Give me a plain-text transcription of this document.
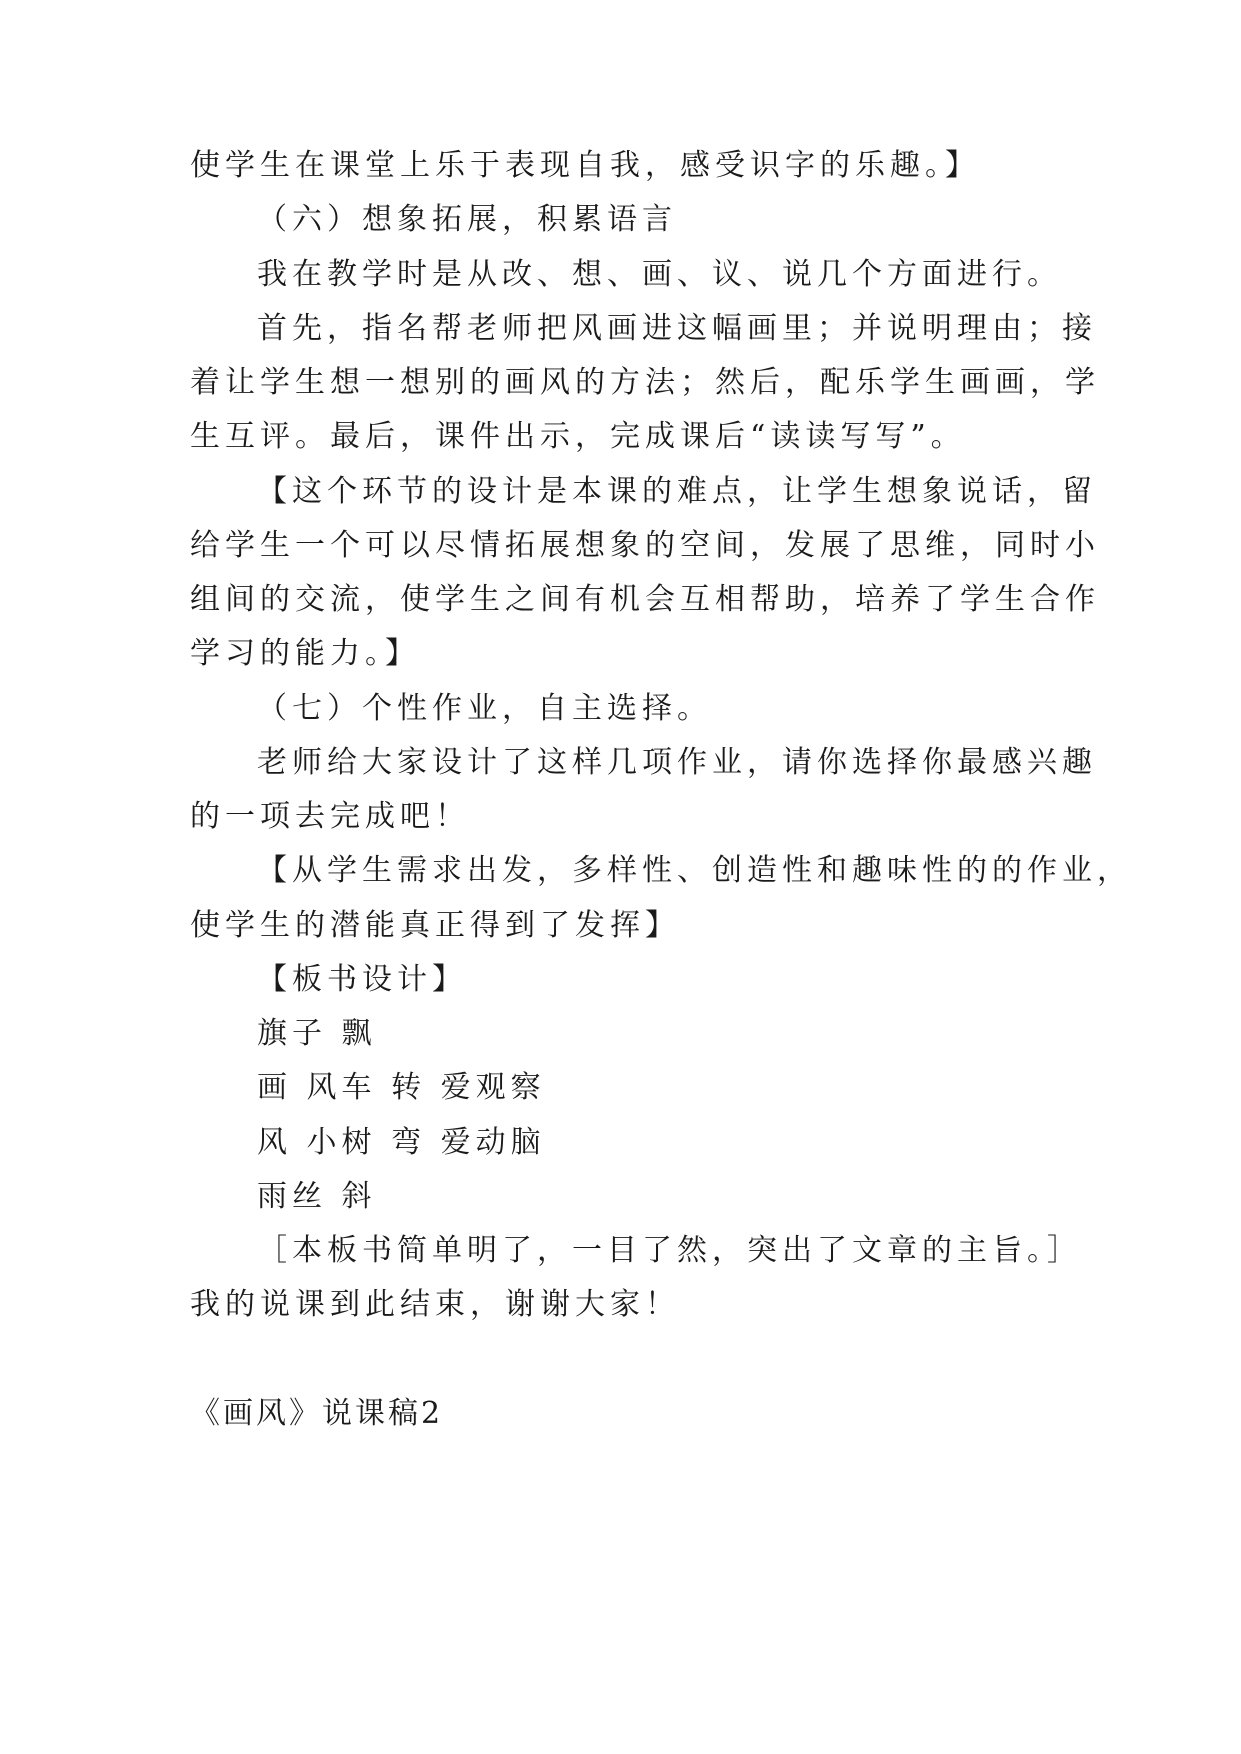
使学生在课堂上乐于表现自我，感受识字的乐趣。】
（六）想象拓展，积累语言
我在教学时是从改、想、画、议、说几个方面进行。
首先，指名帮老师把风画进这幅画里；并说明理由；接
着让学生想一想别的画风的方法；然后，配乐学生画画，学
生互评。最后，课件出示，完成课后“读读写写”。
【这个环节的设计是本课的难点，让学生想象说话，留
给学生一个可以尽情拓展想象的空间，发展了思维，同时小
组间的交流，使学生之间有机会互相帮助，培养了学生合作
学习的能力。】
（七）个性作业，自主选择。
老师给大家设计了这样几项作业，请你选择你最感兴趣
的一项去完成吧！
【从学生需求出发，多样性、创造性和趣味性的的作业，
使学生的潜能真正得到了发挥】
【板书设计】
旗子 飘
画 风车 转 爱观察
风 小树 弯 爱动脑
雨丝 斜
［本板书简单明了，一目了然，突出了文章的主旨。］
我的说课到此结束，谢谢大家！
《画风》说课稿2
